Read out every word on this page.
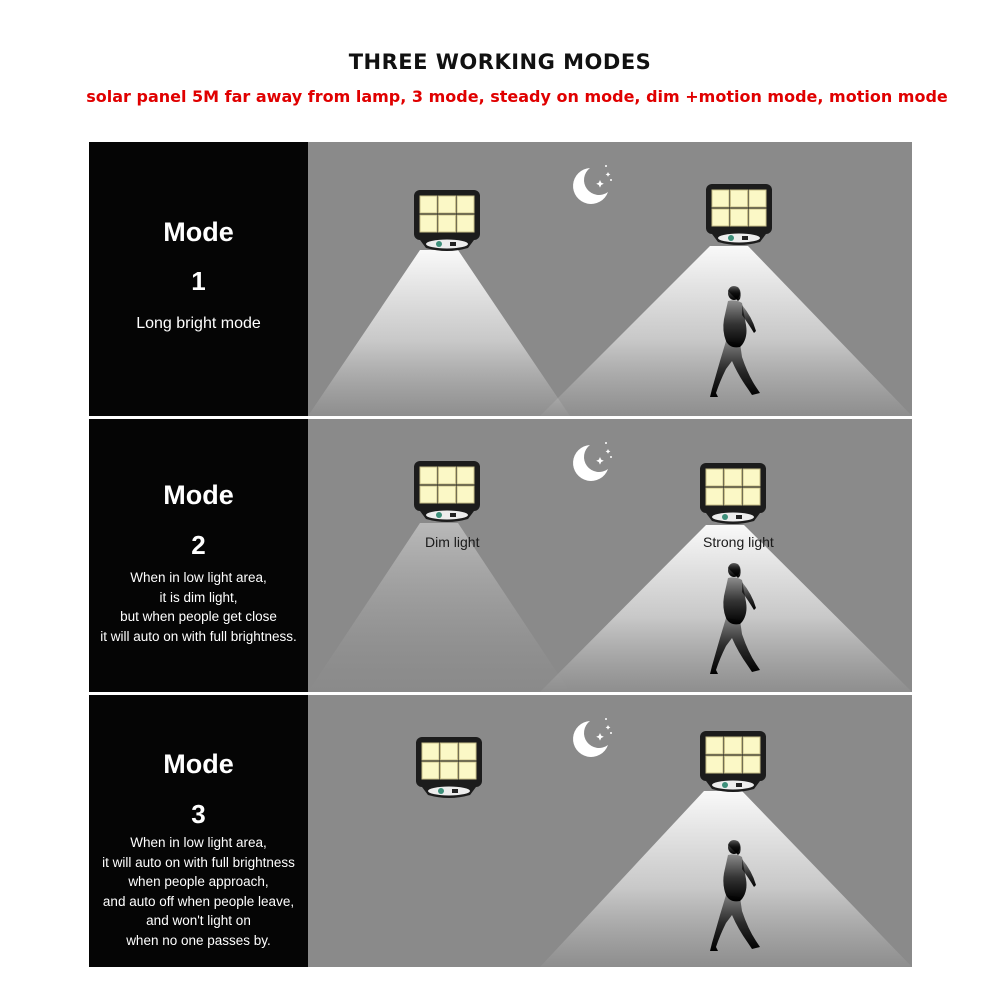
THREE WORKING MODES
solar panel 5M far away from lamp, 3 mode, steady on mode, dim +motion mode, motion mode
Mode
1
Long bright mode
Mode
2
When in low light area,
it is dim light,
but when people get close
it will auto on with full brightness.
Dim light	Strong light
Mode
3
When in low light area,
it will auto on with full brightness
when people approach,
and auto off when people leave,
and won't light on
when no one passes by.
